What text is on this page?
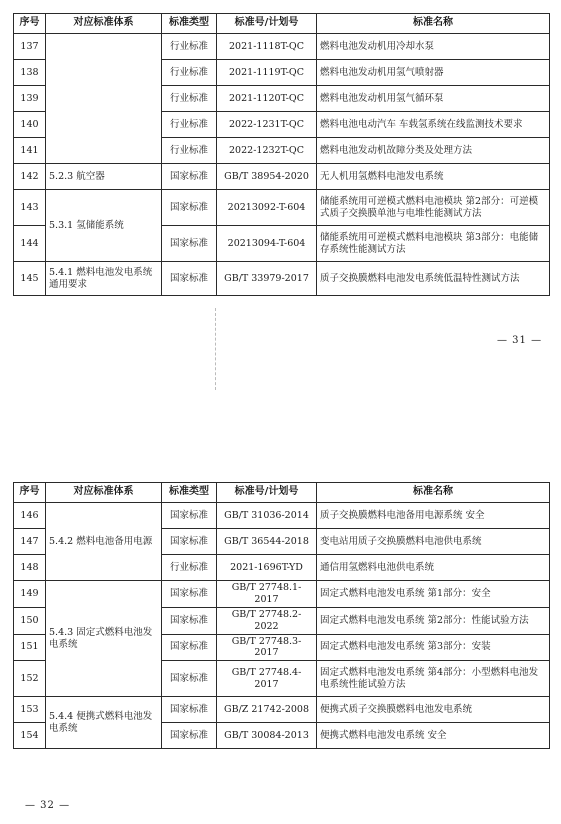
序号	对应标准体系	标准类型	标准号/计划号	标准名称
137		行业标准	2021-1118T-QC	燃料电池发动机用冷却水泵
138		行业标准	2021-1119T-QC	燃料电池发动机用氢气喷射器
139		行业标准	2021-1120T-QC	燃料电池发动机用氢气循环泵
140		行业标准	2022-1231T-QC	燃料电池电动汽车 车载氢系统在线监测技术要求
141		行业标准	2022-1232T-QC	燃料电池发动机故障分类及处理方法
142	5.2.3 航空器	国家标准	GB/T 38954-2020	无人机用氢燃料电池发电系统
143	5.3.1 氢储能系统	国家标准	20213092-T-604	储能系统用可逆模式燃料电池模块 第2部分：可逆模式质子交换膜单池与电堆性能测试方法
144		国家标准	20213094-T-604	储能系统用可逆模式燃料电池模块 第3部分：电能储存系统性能测试方法
145	5.4.1 燃料电池发电系统通用要求	国家标准	GB/T 33979-2017	质子交换膜燃料电池发电系统低温特性测试方法
— 31 —
序号	对应标准体系	标准类型	标准号/计划号	标准名称
146	5.4.2 燃料电池备用电源	国家标准	GB/T 31036-2014	质子交换膜燃料电池备用电源系统 安全
147		国家标准	GB/T 36544-2018	变电站用质子交换膜燃料电池供电系统
148		行业标准	2021-1696T-YD	通信用氢燃料电池供电系统
149	5.4.3 固定式燃料电池发电系统	国家标准	GB/T 27748.1-2017	固定式燃料电池发电系统 第1部分：安全
150		国家标准	GB/T 27748.2-2022	固定式燃料电池发电系统 第2部分：性能试验方法
151		国家标准	GB/T 27748.3-2017	固定式燃料电池发电系统 第3部分：安装
152		国家标准	GB/T 27748.4-2017	固定式燃料电池发电系统 第4部分：小型燃料电池发电系统性能试验方法
153	5.4.4 便携式燃料电池发电系统	国家标准	GB/Z 21742-2008	便携式质子交换膜燃料电池发电系统
154		国家标准	GB/T 30084-2013	便携式燃料电池发电系统 安全
— 32 —
